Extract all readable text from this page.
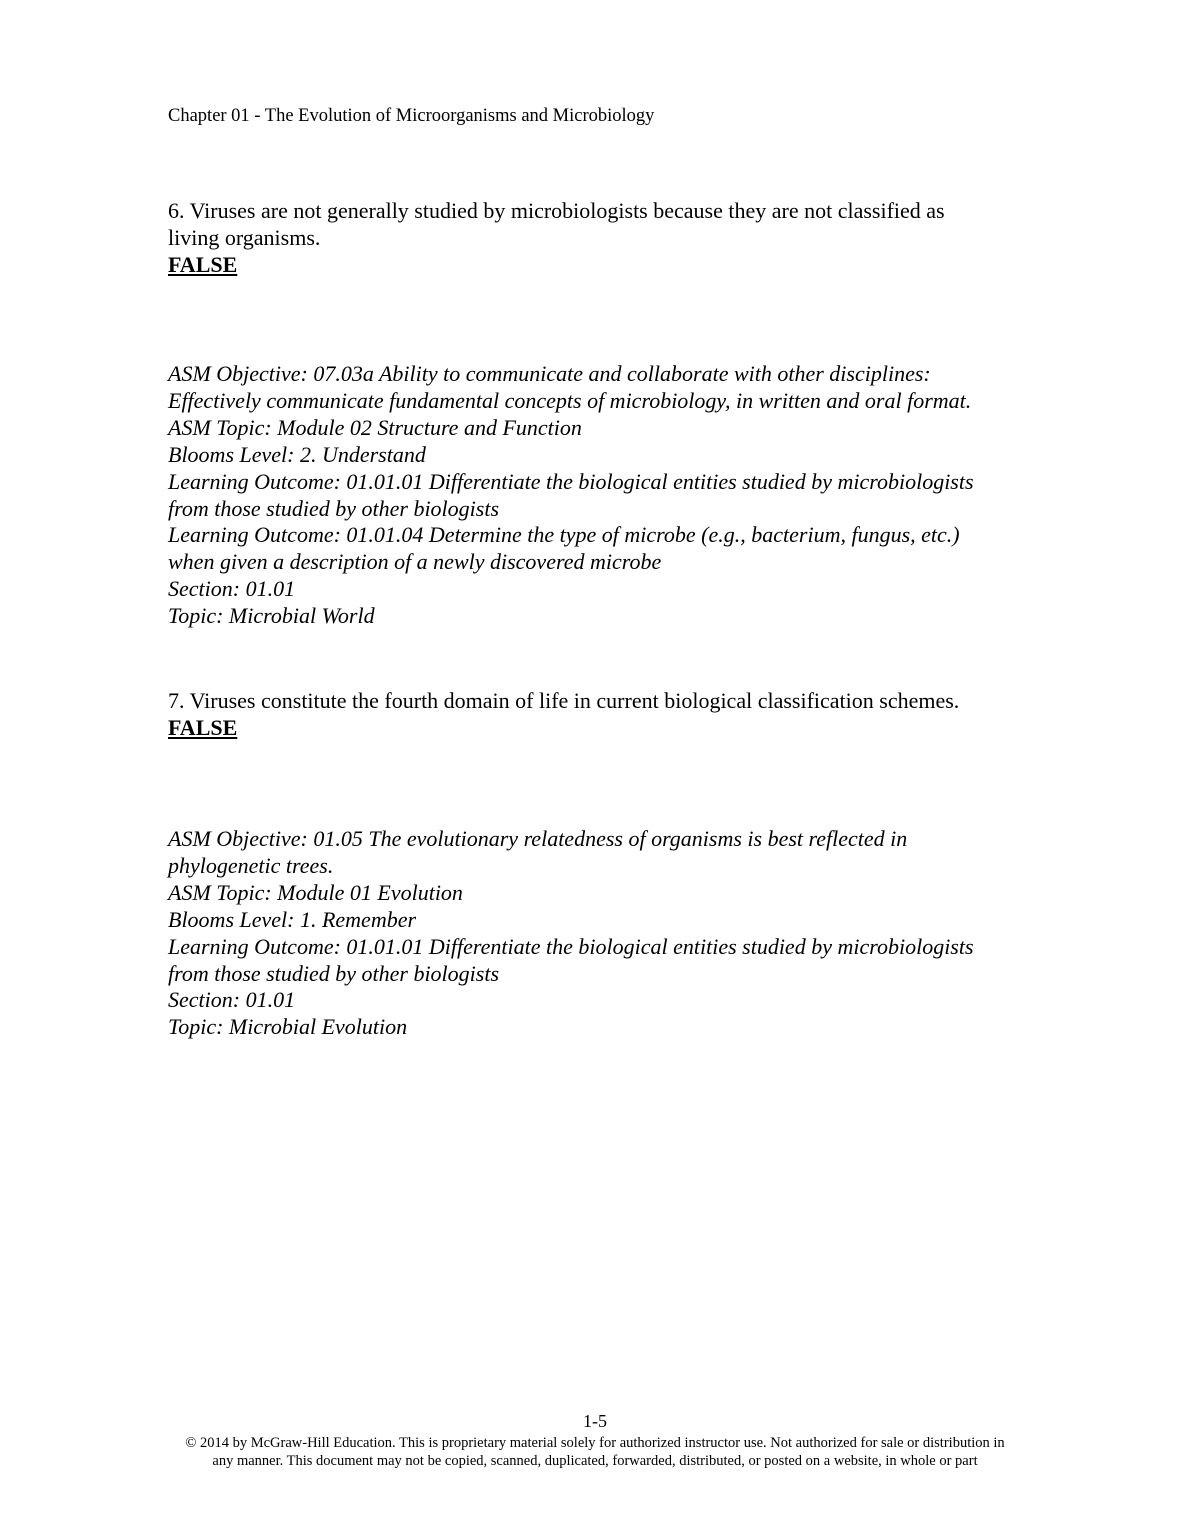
Chapter 01 - The Evolution of Microorganisms and Microbiology
6. Viruses are not generally studied by microbiologists because they are not classified as
living organisms.
FALSE
ASM Objective: 07.03a Ability to communicate and collaborate with other disciplines:
Effectively communicate fundamental concepts of microbiology, in written and oral format.
ASM Topic: Module 02 Structure and Function
Blooms Level: 2. Understand
Learning Outcome: 01.01.01 Differentiate the biological entities studied by microbiologists
from those studied by other biologists
Learning Outcome: 01.01.04 Determine the type of microbe (e.g., bacterium, fungus, etc.)
when given a description of a newly discovered microbe
Section: 01.01
Topic: Microbial World
7. Viruses constitute the fourth domain of life in current biological classification schemes.
FALSE
ASM Objective: 01.05 The evolutionary relatedness of organisms is best reflected in
phylogenetic trees.
ASM Topic: Module 01 Evolution
Blooms Level: 1. Remember
Learning Outcome: 01.01.01 Differentiate the biological entities studied by microbiologists
from those studied by other biologists
Section: 01.01
Topic: Microbial Evolution
1-5
© 2014 by McGraw-Hill Education. This is proprietary material solely for authorized instructor use. Not authorized for sale or distribution in
any manner. This document may not be copied, scanned, duplicated, forwarded, distributed, or posted on a website, in whole or part
